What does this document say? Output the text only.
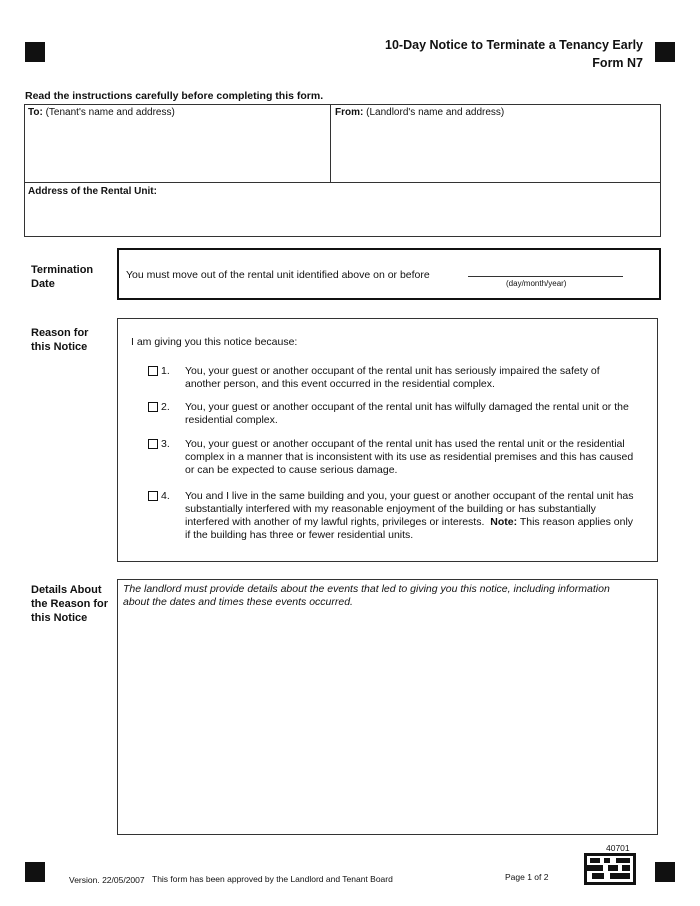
10-Day Notice to Terminate a Tenancy Early
Form N7
Read the instructions carefully before completing this form.
To: (Tenant's name and address)	From: (Landlord's name and address)
Address of the Rental Unit:
Termination
Date
You must move out of the rental unit identified above on or before
(day/month/year)
Reason for
this Notice	I am giving you this notice because:
1. You, your guest or another occupant of the rental unit has seriously impaired the safety of another person, and this event occurred in the residential complex.
2. You, your guest or another occupant of the rental unit has wilfully damaged the rental unit or the residential complex.
3. You, your guest or another occupant of the rental unit has used the rental unit or the residential complex in a manner that is inconsistent with its use as residential premises and this has caused or can be expected to cause serious damage.
4. You and I live in the same building and you, your guest or another occupant of the rental unit has substantially interfered with my reasonable enjoyment of the building or has substantially interfered with another of my lawful rights, privileges or interests. Note: This reason applies only if the building has three or fewer residential units.
Details About
the Reason for
this Notice
The landlord must provide details about the events that led to giving you this notice, including information about the dates and times these events occurred.
Version. 22/05/2007 This form has been approved by the Landlord and Tenant Board	Page 1 of 2
40701
